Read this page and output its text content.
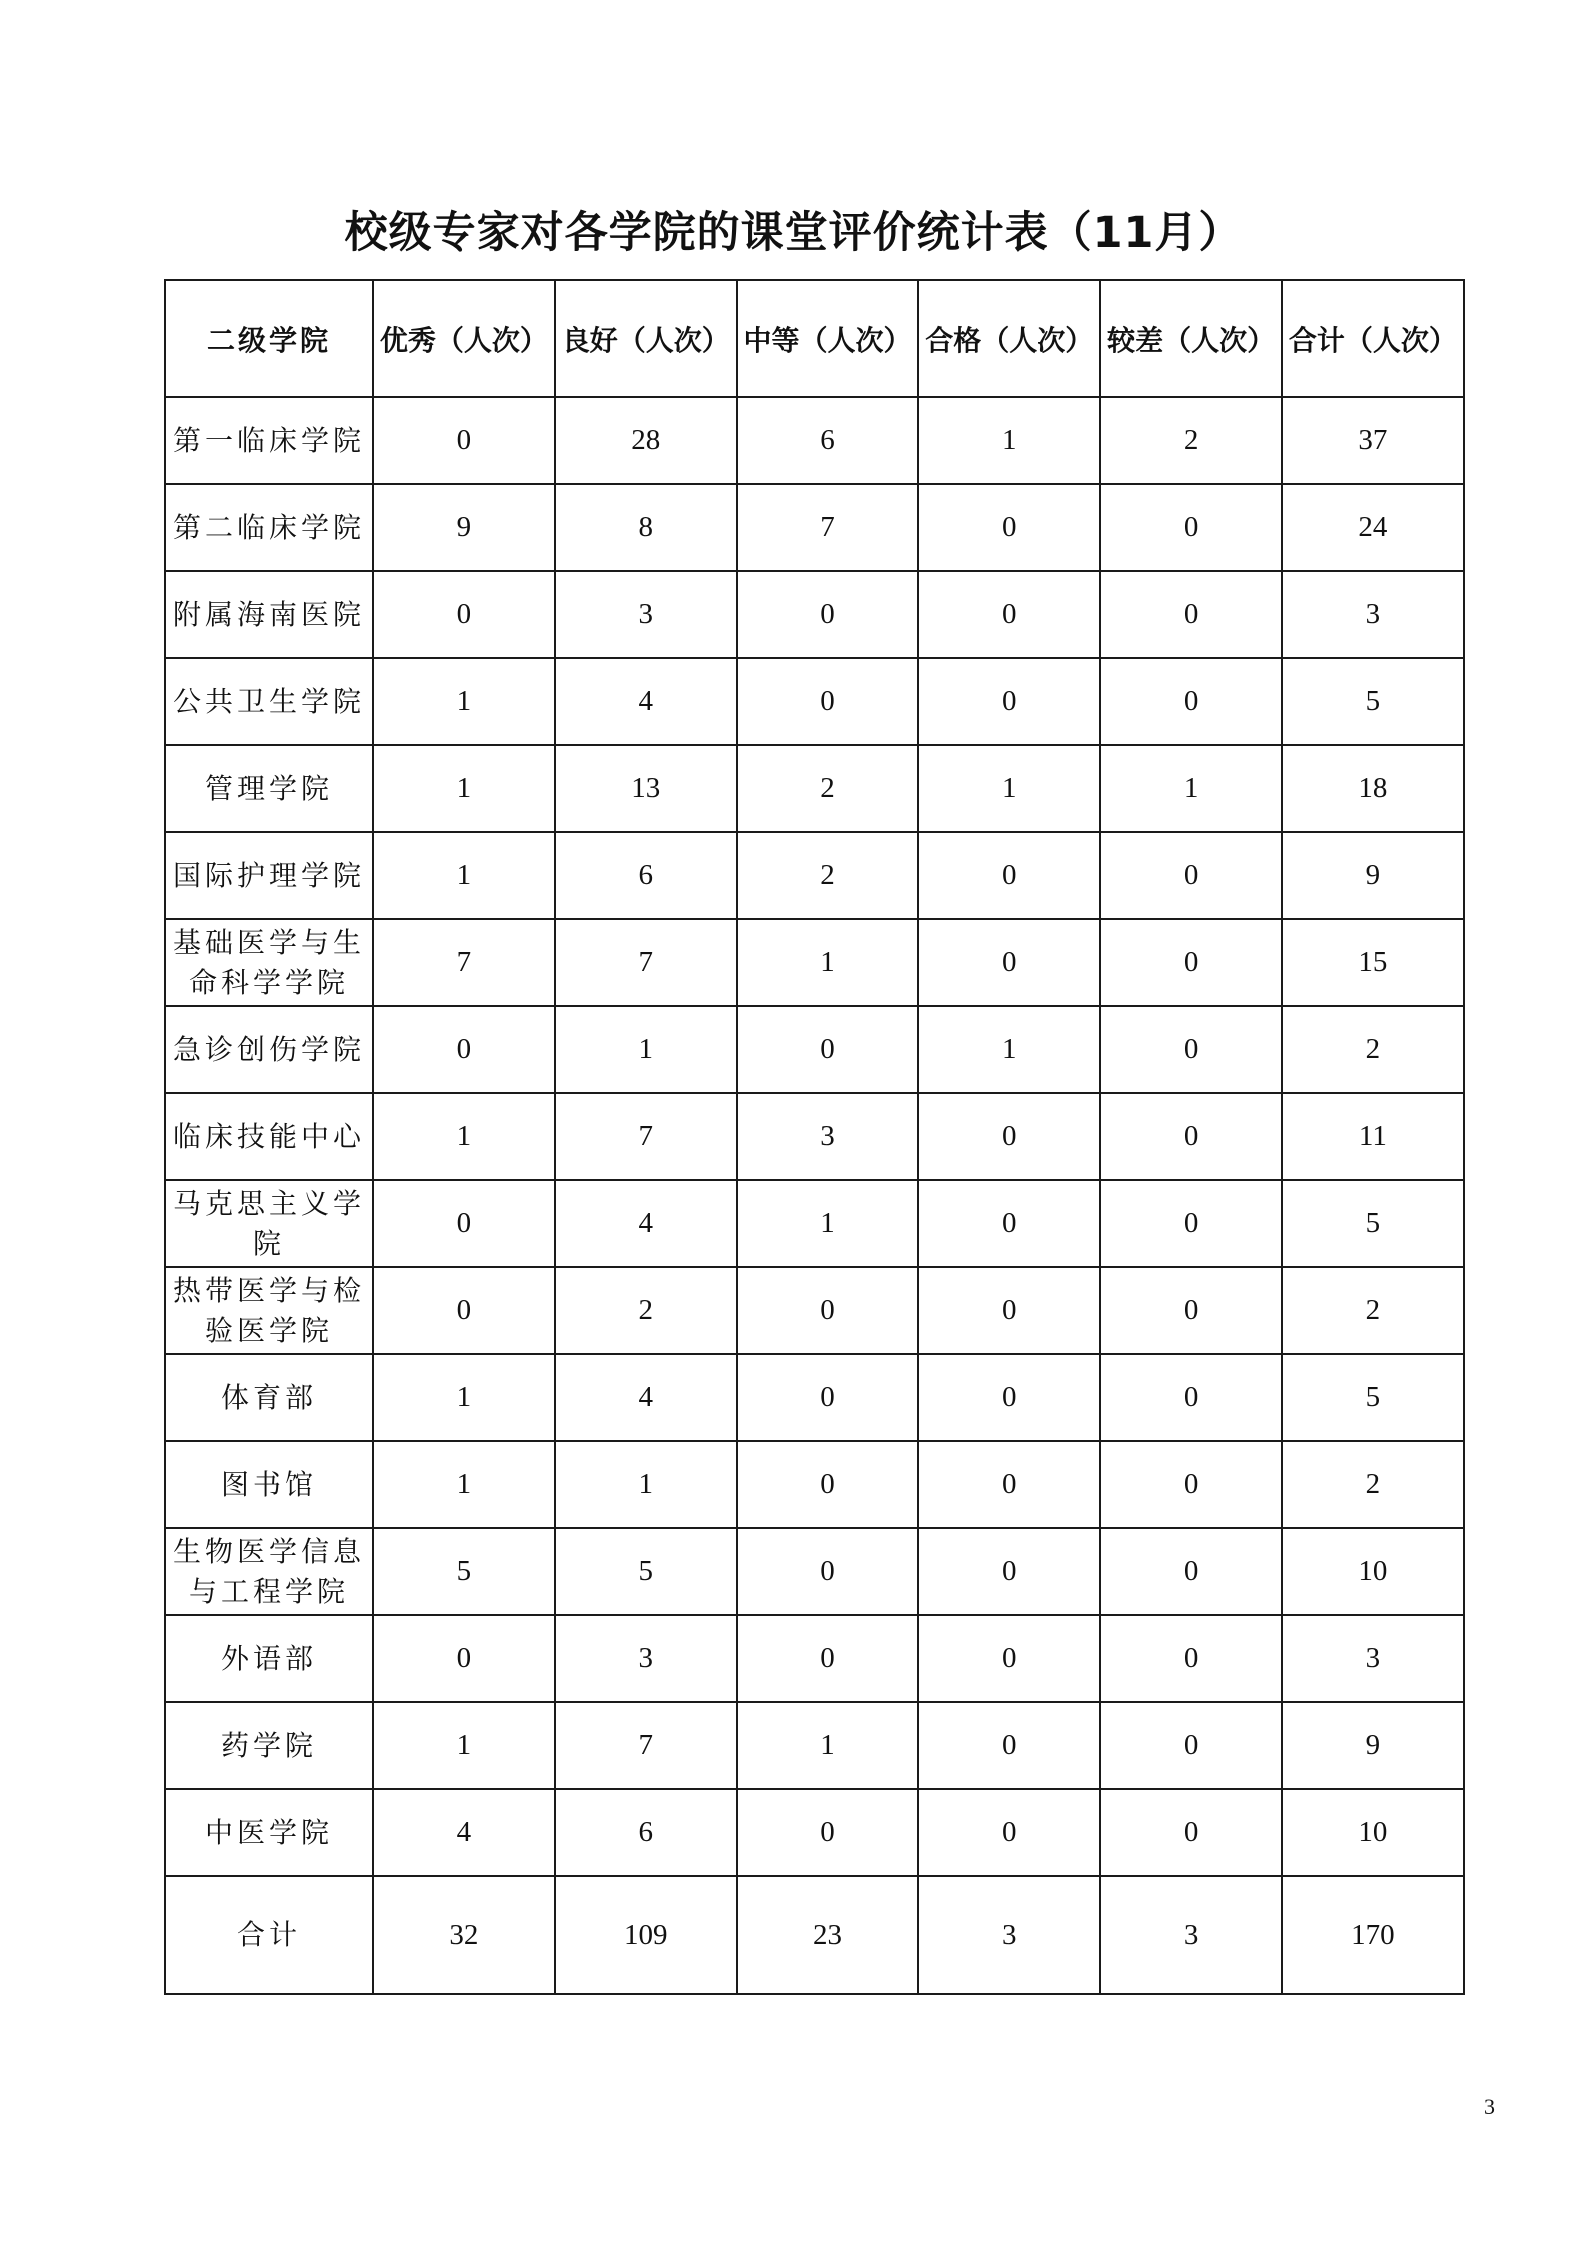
校级专家对各学院的课堂评价统计表（11月）
二级学院	优秀（人次）	良好（人次）	中等（人次）	合格（人次）	较差（人次）	合计（人次）
第一临床学院	0	28	6	1	2	37
第二临床学院	9	8	7	0	0	24
附属海南医院	0	3	0	0	0	3
公共卫生学院	1	4	0	0	0	5
管理学院	1	13	2	1	1	18
国际护理学院	1	6	2	0	0	9
基础医学与生命科学学院	7	7	1	0	0	15
急诊创伤学院	0	1	0	1	0	2
临床技能中心	1	7	3	0	0	11
马克思主义学院	0	4	1	0	0	5
热带医学与检验医学院	0	2	0	0	0	2
体育部	1	4	0	0	0	5
图书馆	1	1	0	0	0	2
生物医学信息与工程学院	5	5	0	0	0	10
外语部	0	3	0	0	0	3
药学院	1	7	1	0	0	9
中医学院	4	6	0	0	0	10
合计	32	109	23	3	3	170
3
